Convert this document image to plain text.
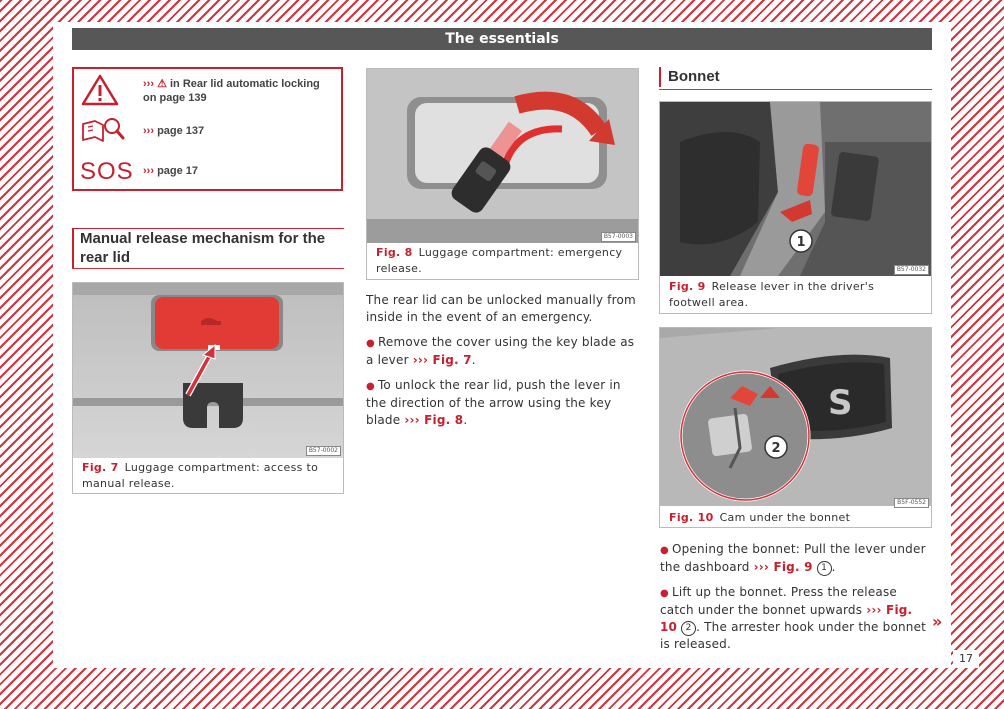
The essentials
››› ⚠ in Rear lid automatic locking on page 139
››› page 137
SOS ››› page 17
Manual release mechanism for the rear lid
B57-0002
Fig. 7 Luggage compartment: access to manual release.
B57-0003
Fig. 8 Luggage compartment: emergency release.

The rear lid can be unlocked manually from inside in the event of an emergency.

● Remove the cover using the key blade as a lever ››› Fig. 7.

● To unlock the rear lid, push the lever in the direction of the arrow using the key blade ››› Fig. 8.

Bonnet
1
B57-0032
Fig. 9 Release lever in the driver's footwell area.
S
2
B5F-0552
Fig. 10 Cam under the bonnet

● Opening the bonnet: Pull the lever under the dashboard ››› Fig. 9 1 .

● Lift up the bonnet. Press the release catch under the bonnet upwards ››› Fig. 10 2 . The arrester hook under the bonnet is released.

»
17
